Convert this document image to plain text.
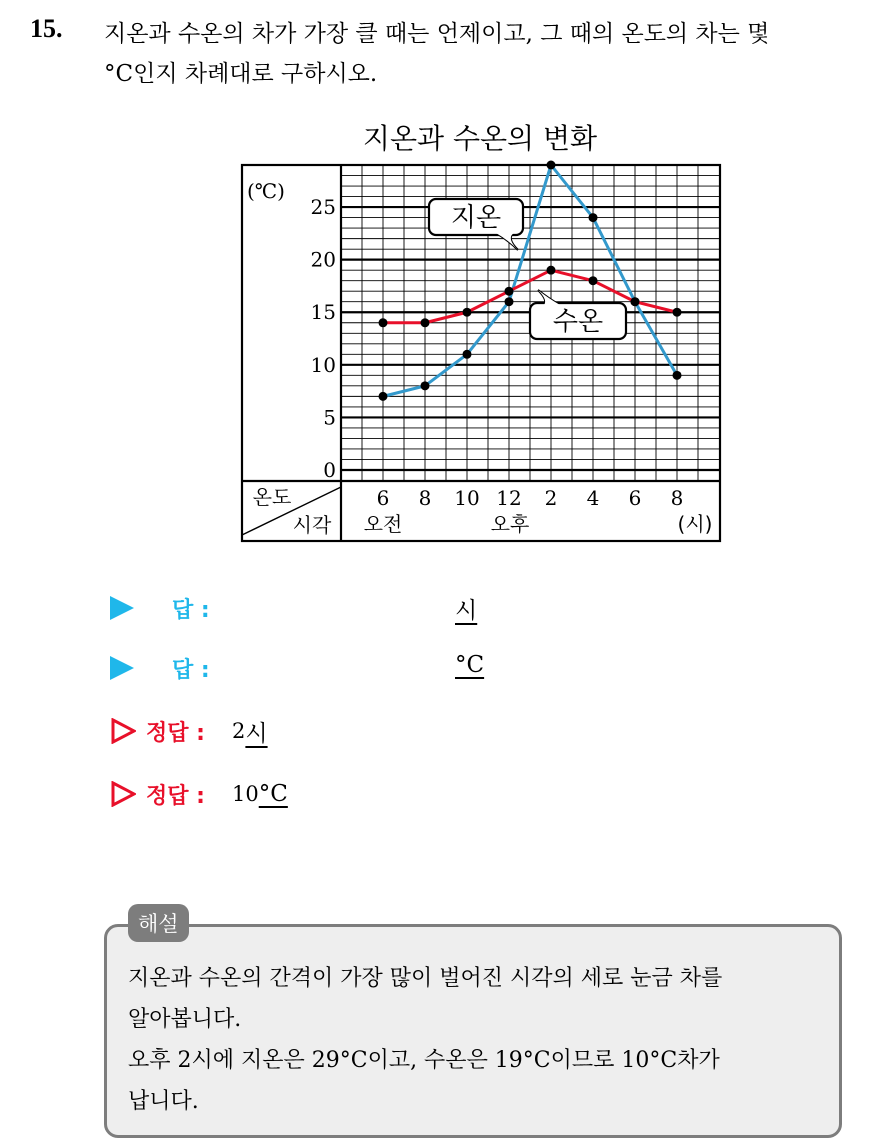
15. 지온과 수온의 차가 가장 클 때는 언제이고, 그 때의 온도의 차는 몇
°C인지 차례대로 구하시오.
지온과 수온의 변화
(℃)
0
5
10
15
20
25
6 8 10 12 2 4 6 8
오전	오후	(시)
온도
시각
지온
수온
답 :	시
답 :	°C
정답 :	2 시
정답 :	10 °C
해설
지온과 수온의 간격이 가장 많이 벌어진 시각의 세로 눈금 차를
알아봅니다.
오후 2시에 지온은 29°C이고, 수온은 19°C이므로 10°C차가
납니다.
